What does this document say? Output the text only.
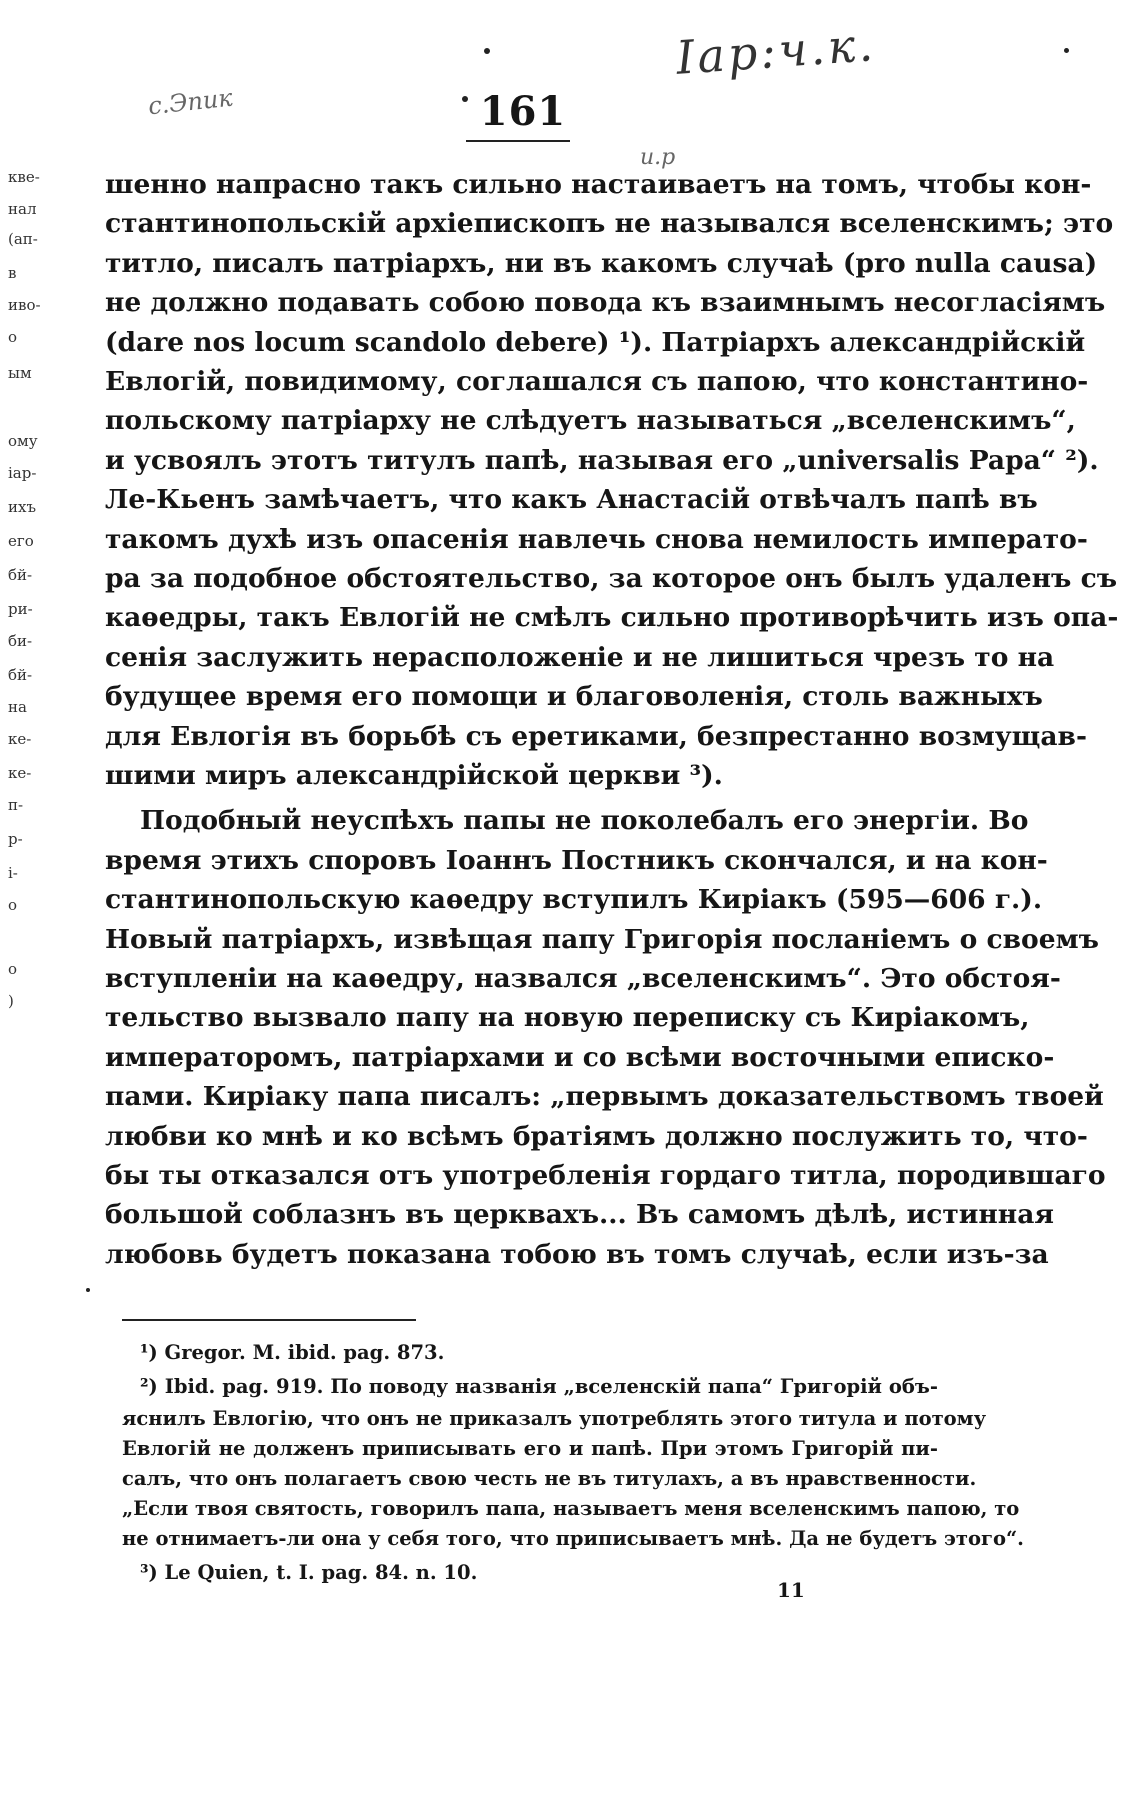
Іар:ч.к.
с.Эпик
и.р
161
кве-
нал
(ап-
в
иво-
о
ым
ому
іар-
ихъ
его
бй-
ри-
би-
бй-
на
ке-
ке-
п-
р-
і-
о
о
)
шенно напрасно такъ сильно настаиваетъ на томъ, чтобы кон-
стантинопольскій архіепископъ не назывался вселенскимъ; это
титло, писалъ патріархъ, ни въ какомъ случаѣ (pro nulla causa)
не должно подавать собою повода къ взаимнымъ несогласіямъ
(dare nos locum scandolo debere) ¹). Патріархъ александрійскій
Евлогій, повидимому, соглашался съ папою, что константино-
польскому патріарху не слѣдуетъ называться „вселенскимъ“,
и усвоялъ этотъ титулъ папѣ, называя его „universalis Papa“ ²).
Ле-Кьенъ замѣчаетъ, что какъ Анастасій отвѣчалъ папѣ въ
такомъ духѣ изъ опасенія навлечь снова немилость императо-
ра за подобное обстоятельство, за которое онъ былъ удаленъ съ
каѳедры, такъ Евлогій не смѣлъ сильно противорѣчить изъ опа-
сенія заслужить нерасположеніе и не лишиться чрезъ то на
будущее время его помощи и благоволенія, столь важныхъ
для Евлогія въ борьбѣ съ еретиками, безпрестанно возмущав-
шими миръ александрійской церкви ³).
Подобный неуспѣхъ папы не поколебалъ его энергіи. Во
время этихъ споровъ Іоаннъ Постникъ скончался, и на кон-
стантинопольскую каѳедру вступилъ Киріакъ (595—606 г.).
Новый патріархъ, извѣщая папу Григорія посланіемъ о своемъ
вступленіи на каѳедру, назвался „вселенскимъ“. Это обстоя-
тельство вызвало папу на новую переписку съ Киріакомъ,
императоромъ, патріархами и со всѣми восточными еписко-
пами. Киріаку папа писалъ: „первымъ доказательствомъ твоей
любви ко мнѣ и ко всѣмъ братіямъ должно послужить то, что-
бы ты отказался отъ употребленія гордаго титла, породившаго
большой соблазнъ въ церквахъ... Въ самомъ дѣлѣ, истинная
любовь будетъ показана тобою въ томъ случаѣ, если изъ-за
¹) Gregor. M. ibid. pag. 873.
²) Ibid. pag. 919. По поводу названія „вселенскій папа“ Григорій объ-
яснилъ Евлогію, что онъ не приказалъ употреблять этого титула и потому
Евлогій не долженъ приписывать его и папѣ. При этомъ Григорій пи-
салъ, что онъ полагаетъ свою честь не въ титулахъ, а въ нравственности.
„Если твоя святость, говорилъ папа, называетъ меня вселенскимъ папою, то
не отнимаетъ-ли она у себя того, что приписываетъ мнѣ. Да не будетъ этого“.
³) Le Quien, t. I. pag. 84. n. 10.
11
